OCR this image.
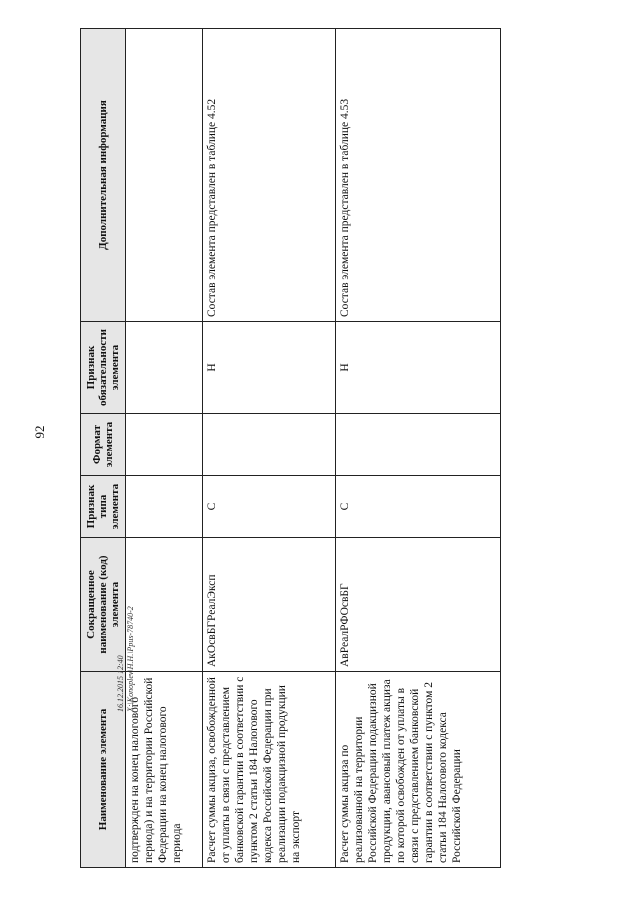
92
Наименование элемента	Сокращенное наименование (код) элемента	Признак типа элемента	Формат элемента	Признак обязательности элемента	Дополнительная информация
подтвержден на конец налогового периода) и на территории Российской Федерации на конец налогового периода					
Расчет суммы акциза, освобожденной от уплаты в связи с представлением банковской гарантии в соответствии с пунктом 2 статьи 184 Налогового кодекса Российской Федерации при реализации подакцизной продукции на экспорт	АкОсвБГРеалЭксп	С		Н	Состав элемента представлен в таблице 4.52
Расчет суммы акциза по реализованной на территории Российской Федерации подакцизной продукции, авансовый платеж акциза по которой освобожден от уплаты в связи с представлением банковской гарантии в соответствии с пунктом 2 статьи 184 Налогового кодекса Российской Федерации	АвРеалРФОсвБГ	С		Н	Состав элемента представлен в таблице 4.53
16.12.2015 12:40 X:\Konoplev\H.H.\Ppus-78740-2
